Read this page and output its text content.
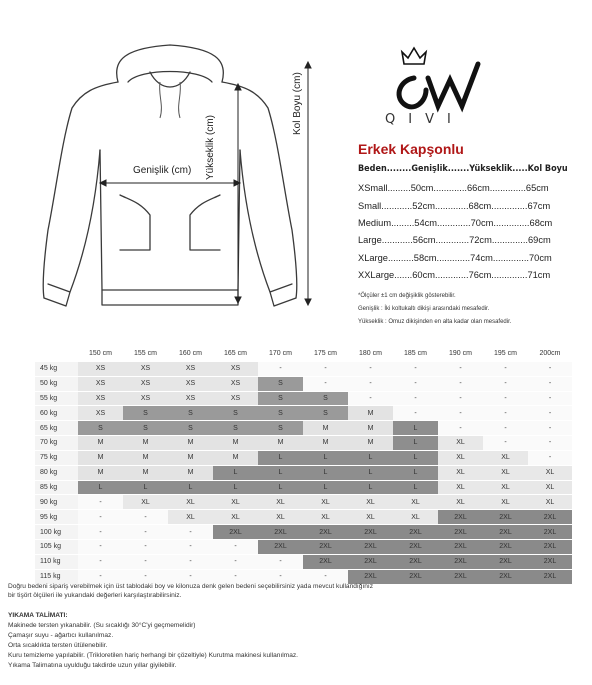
Genişlik (cm) Yükseklik (cm)
Kol Boyu (cm)	QIVI
Erkek Kapşonlu
Beden........Genişlik.......Yükseklik.....Kol Boyu
XSmall.........50cm.............66cm..............65cm
Small............52cm.............68cm..............67cm
Medium.........54cm.............70cm..............68cm
Large............56cm.............72cm..............69cm
XLarge..........58cm.............74cm..............70cm
XXLarge.......60cm.............76cm..............71cm
*Ölçüler ±1 cm değişiklik gösterebilir.
Genişlik : İki koltukaltı dikişi arasındaki mesafedir.
Yükseklik : Omuz dikişinden en alta kadar olan mesafedir.
	150 cm	155 cm	160 cm	165 cm	170 cm	175 cm	180 cm	185 cm	190 cm	195 cm	200cm
45 kg	XS	XS	XS	XS	-	-	-	-	-	-	-
50 kg	XS	XS	XS	XS	S	-	-	-	-	-	-
55 kg	XS	XS	XS	XS	S	S	-	-	-	-	-
60 kg	XS	S	S	S	S	S	M	-	-	-	-
65 kg	S	S	S	S	S	M	M	L	-	-	-
70 kg	M	M	M	M	M	M	M	L	XL	-	-
75 kg	M	M	M	M	L	L	L	L	XL	XL	-
80 kg	M	M	M	L	L	L	L	L	XL	XL	XL
85 kg	L	L	L	L	L	L	L	L	XL	XL	XL
90 kg	-	XL	XL	XL	XL	XL	XL	XL	XL	XL	XL
95 kg	-	-	XL	XL	XL	XL	XL	XL	2XL	2XL	2XL
100 kg	-	-	-	2XL	2XL	2XL	2XL	2XL	2XL	2XL	2XL
105 kg	-	-	-	-	2XL	2XL	2XL	2XL	2XL	2XL	2XL
110 kg	-	-	-	-	-	2XL	2XL	2XL	2XL	2XL	2XL
115 kg	-	-	-	-	-	-	2XL	2XL	2XL	2XL	2XL
Doğru bedeni sipariş verebilmek için üst tablodaki boy ve kilonuza denk gelen bedeni seçebilirsiniz yada mevcut kullandığınız
bir tişört ölçüleri ile yukarıdaki değerleri karşılaştırabilirsiniz.
YIKAMA TALİMATI:
Makinede tersten yıkanabilir. (Su sıcaklığı 30°C'yi geçmemelidir)
Çamaşır suyu - ağartıcı kullanılmaz.
Orta sıcaklıkta tersten ütülenebilir.
Kuru temizleme yapılabilir. (Trikloretilen hariç herhangi bir çözeltiyle) Kurutma makinesi kullanılmaz.
Yıkama Talimatına uyulduğu takdirde uzun yıllar giyilebilir.
